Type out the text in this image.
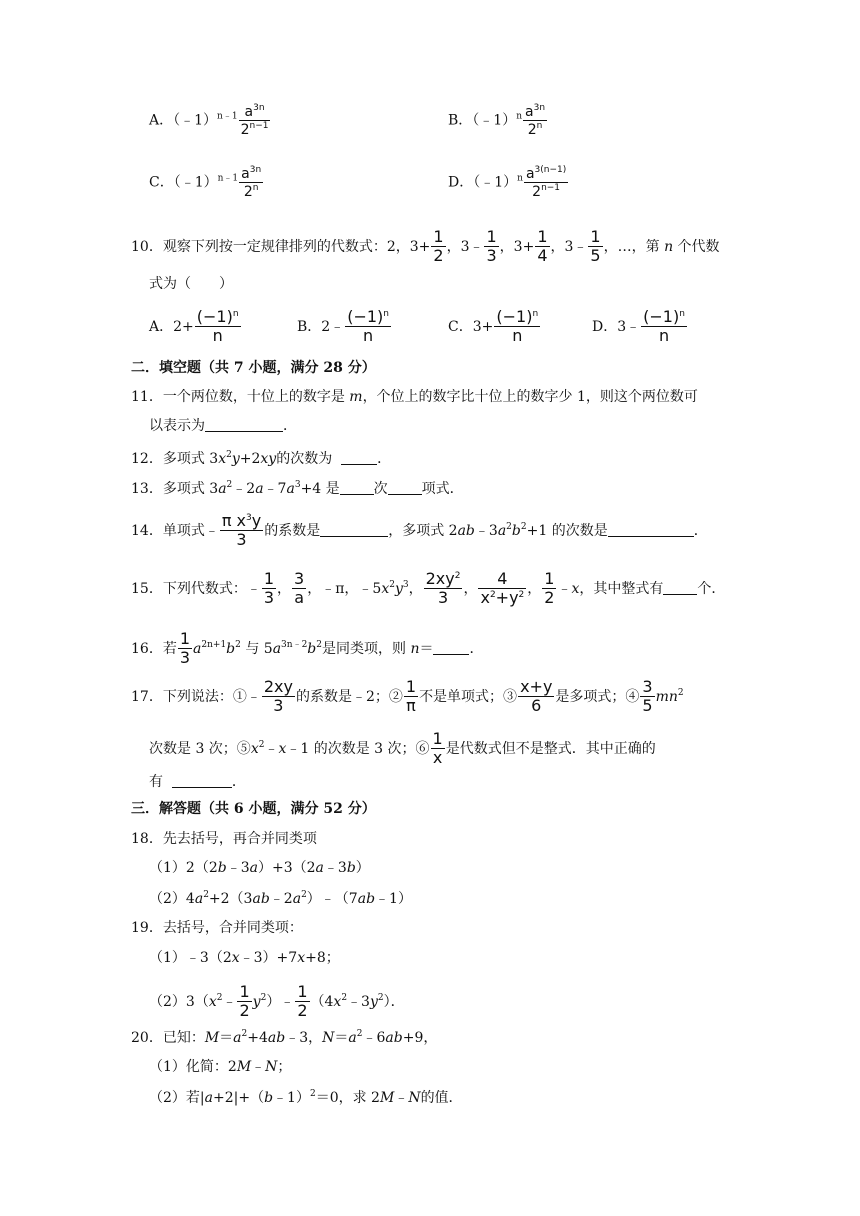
A．（﹣1）$^{n﹣1}$ $\frac{a^{3n}}{2^{n-1}}$	B．（﹣1）$^n$ $\frac{a^{3n}}{2^n}$
C．（﹣1）$^{n﹣1}$ $\frac{a^{3n}}{2^n}$	D．（﹣1）$^n$ $\frac{a^{3(n-1)}}{2^{n-1}}$
10．观察下列按一定规律排列的代数式：2，$3+ \frac{1}{2}$ ，3﹣ $\frac{1}{3}$ ，$3+ \frac{1}{4}$ ，3﹣ $\frac{1}{5}$ ，…，第 n 个代数
式为（　　）
A．$2+ \frac{(-1)^n}{n}$	B．2﹣ $\frac{(-1)^n}{n}$	C．$3+ \frac{(-1)^n}{n}$	D．3﹣ $\frac{(-1)^n}{n}$
二．填空题（共 7 小题，满分 28 分）
11．一个两位数，十位上的数字是 m，个位上的数字比十位上的数字少 1，则这个两位数可
以表示为	．
12．多项式 $3x^2y+2xy$的次数为	．
13．多项式 $3a^2﹣2a﹣7a^3+4$ 是 次 项式．
14．单项式﹣ $\frac{\pi x^3y}{3}$ 的系数是	，多项式 $2ab﹣3a^2b^2+1$ 的次数是	．
15．下列代数式：﹣ $\frac{1}{3}$ ， $\frac{3}{a}$ ，﹣π，$﹣5x^2y^3$， $\frac{2xy^2}{3}$ ， $\frac{4}{x^2+y^2}$ ， $\frac{1}{2}$ ﹣x，其中整式有 个．
16．若 $\frac{1}{3} a^{2n+1}b^2$ 与 $5a^{3n﹣2}b^2$是同类项，则 n＝	．
17．下列说法：①﹣ $\frac{2xy}{3}$ 的系数是﹣2；② $\frac{1}{\pi}$ 不是单项式；③ $\frac{x+y}{6}$ 是多项式；④ $\frac{3}{5} mn^2$
次数是 3 次；$⑤x^2﹣x﹣1$ 的次数是 3 次；⑥ $\frac{1}{x}$ 是代数式但不是整式．其中正确的
有	．
三．解答题（共 6 小题，满分 52 分）
18．先去括号，再合并同类项
（1）2（2b﹣3a）+3（2a﹣3b）
$(2)4a^2+2(3ab﹣2a^2)﹣(7ab﹣1)$
19．去括号，合并同类项：
（1）﹣3（2x﹣3）+7x+8；
$(2)3(x^2﹣ \frac{1}{2}$ $y^2)﹣ \frac{1}{2}$ $(4x^2﹣3y^2)$．
20．已知：$M=a^2+4ab﹣3$，$N=a^2﹣6ab+9$，
（1）化简：2M﹣N；
（2）若|a+2|+（b﹣1）$^2$＝0，求 2M﹣N的值．
